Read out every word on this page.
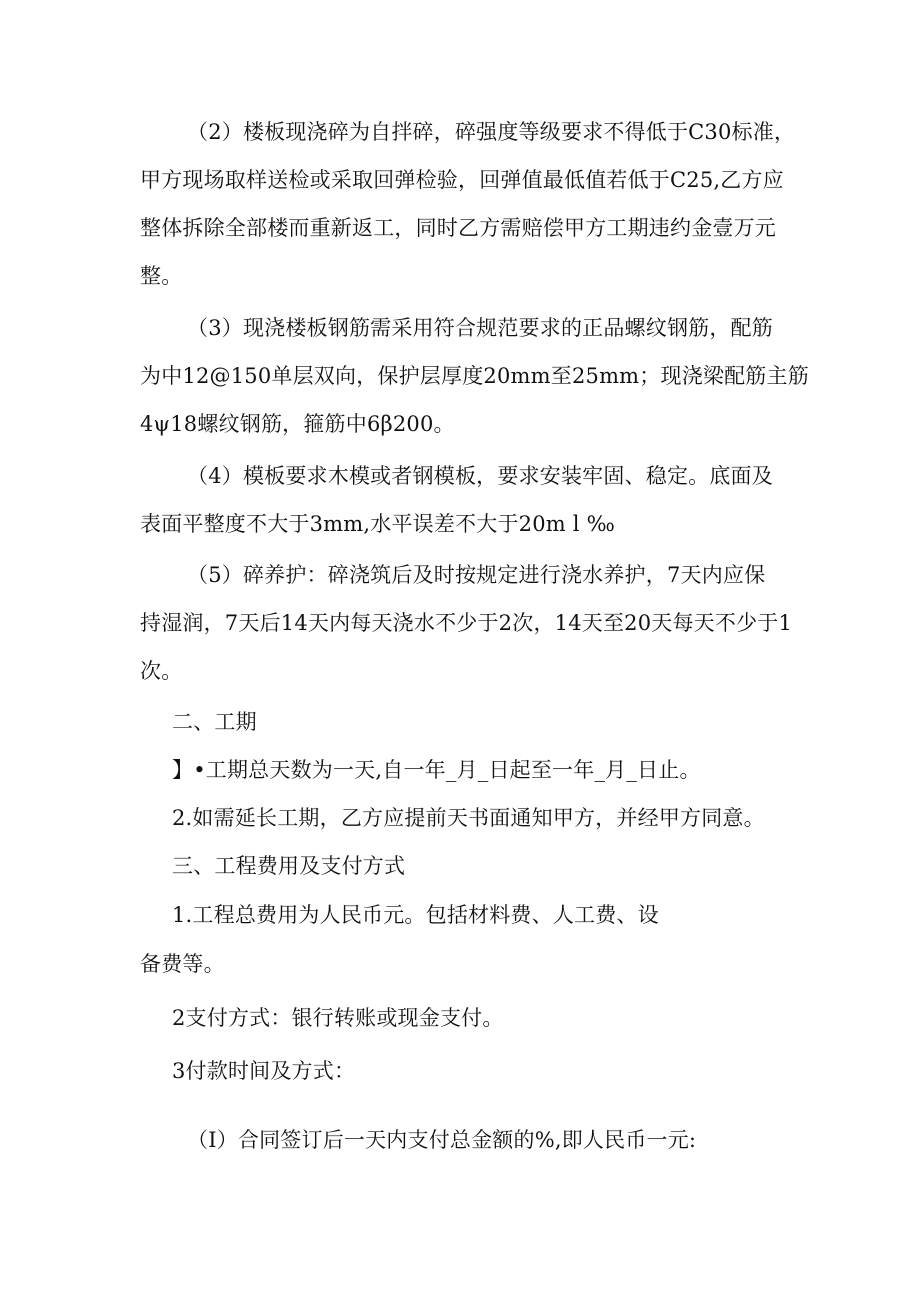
（2）楼板现浇碎为自拌碎，碎强度等级要求不得低于C30标准，
甲方现场取样送检或采取回弹检验，回弹值最低值若低于C25,乙方应
整体拆除全部楼而重新返工，同时乙方需赔偿甲方工期违约金壹万元
整。
（3）现浇楼板钢筋需采用符合规范要求的正品螺纹钢筋，配筋
为中12@150单层双向，保护层厚度20mm至25mm；现浇梁配筋主筋
4ψ18螺纹钢筋，箍筋中6β200。
（4）模板要求木模或者钢模板，要求安装牢固、稳定。底面及
表面平整度不大于3mm,水平误差不大于20m l ‰
（5）碎养护：碎浇筑后及时按规定进行浇水养护，7天内应保
持湿润，7天后14天内每天浇水不少于2次，14天至20天每天不少于1
次。
二、工期
】•工期总天数为一天,自一年_月_日起至一年_月_日止。
2.如需延长工期，乙方应提前天书面通知甲方，并经甲方同意。
三、工程费用及支付方式
1.工程总费用为人民币元。包括材料费、人工费、设
备费等。
2支付方式：银行转账或现金支付。
3付款时间及方式：
（I）合同签订后一天内支付总金额的%,即人民币一元:
